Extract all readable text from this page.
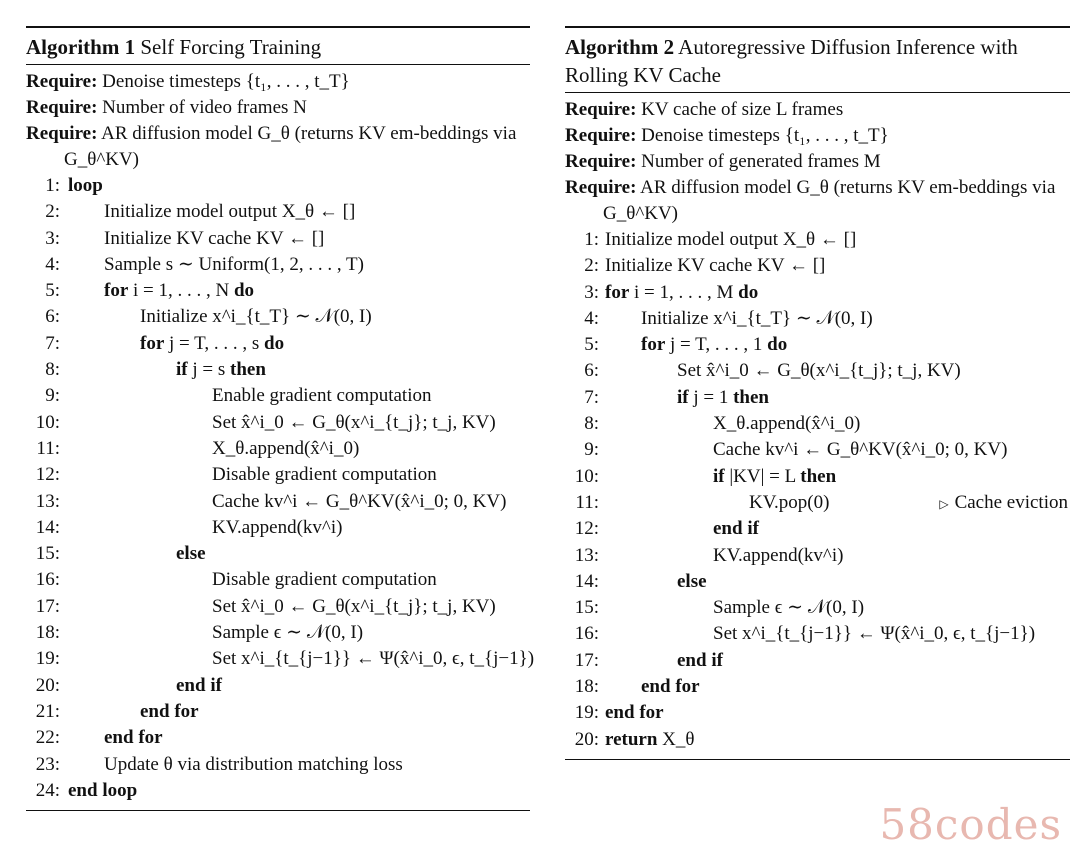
Algorithm 1 Self Forcing Training
Require: Denoise timesteps {t₁, . . . , t_T}
Require: Number of video frames N
Require: AR diffusion model G_θ (returns KV em-beddings via G_θ^KV)
1: loop
2: Initialize model output X_θ ← []
3: Initialize KV cache KV ← []
4: Sample s ∼ Uniform(1, 2, . . . , T)
5: for i = 1, . . . , N do
6:	Initialize x^i_{t_T} ∼ 𝒩(0, I)
7:	for j = T, . . . , s do
8:	if j = s then
9:	Enable gradient computation
10:	Set x̂^i_0 ← G_θ(x^i_{t_j}; t_j, KV)
11:	X_θ.append(x̂^i_0)
12:	Disable gradient computation
13:	Cache kv^i ← G_θ^KV(x̂^i_0; 0, KV)
14:	KV.append(kv^i)
15:	else
16:	Disable gradient computation
17:	Set x̂^i_0 ← G_θ(x^i_{t_j}; t_j, KV)
18:	Sample ϵ ∼ 𝒩(0, I)
19:	Set x^i_{t_{j−1}} ← Ψ(x̂^i_0, ϵ, t_{j−1})
20:	end if
21:	end for
22: end for
23: Update θ via distribution matching loss
24: end loop
Algorithm 2 Autoregressive Diffusion Inference with Rolling KV Cache
Require: KV cache of size L frames
Require: Denoise timesteps {t₁, . . . , t_T}
Require: Number of generated frames M
Require: AR diffusion model G_θ (returns KV em-beddings via G_θ^KV)
1: Initialize model output X_θ ← []
2: Initialize KV cache KV ← []
3: for i = 1, . . . , M do
4: Initialize x^i_{t_T} ∼ 𝒩(0, I)
5: for j = T, . . . , 1 do
6:	Set x̂^i_0 ← G_θ(x^i_{t_j}; t_j, KV)
7:	if j = 1 then
8:	X_θ.append(x̂^i_0)
9:	Cache kv^i ← G_θ^KV(x̂^i_0; 0, KV)
10:	if |KV| = L then
11:	KV.pop(0)	▷ Cache eviction
12:	end if
13:	KV.append(kv^i)
14:	else
15:	Sample ϵ ∼ 𝒩(0, I)
16:	Set x^i_{t_{j−1}} ← Ψ(x̂^i_0, ϵ, t_{j−1})
17:	end if
18: end for
19: end for
20: return X_θ
58codes
